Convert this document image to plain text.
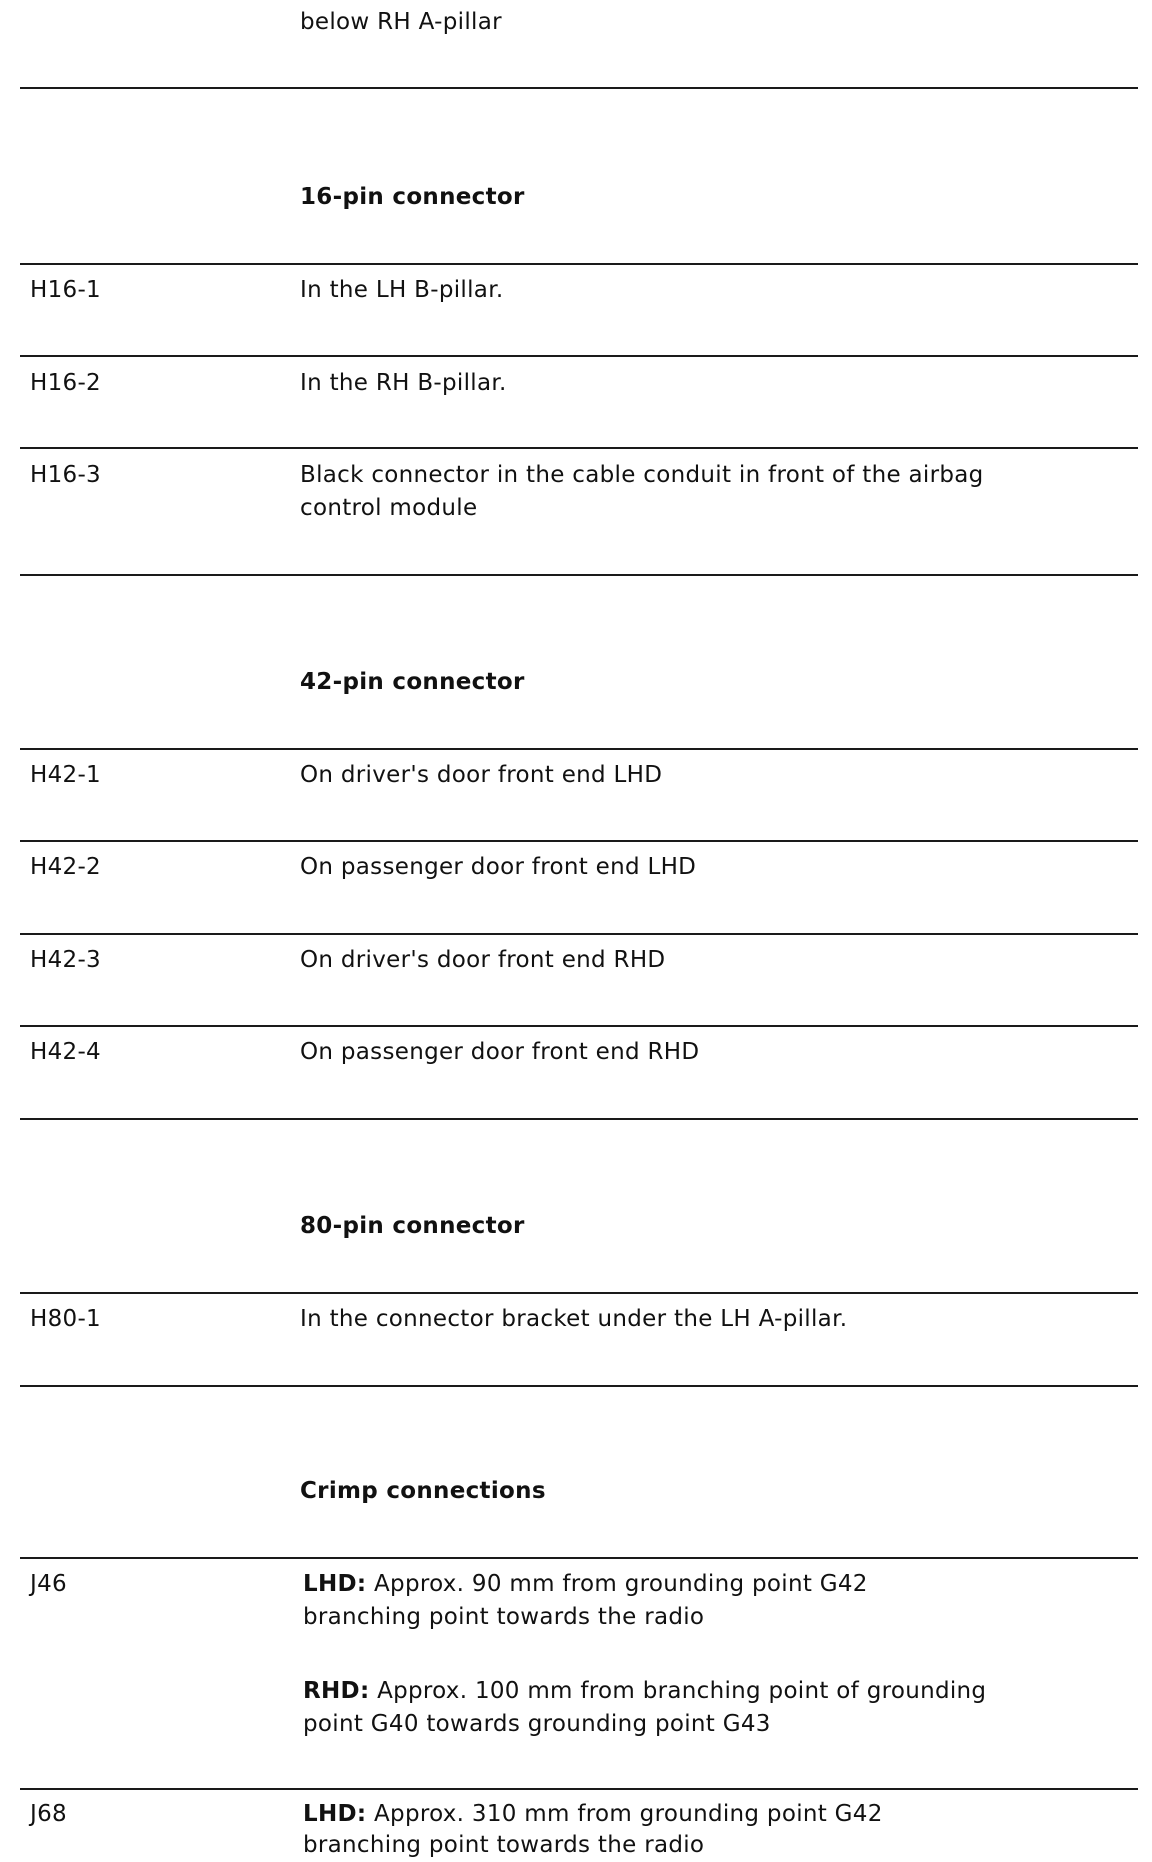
below RH A-pillar
16-pin connector
H16-1	In the LH B-pillar.
H16-2	In the RH B-pillar.
H16-3	Black connector in the cable conduit in front of the airbag
control module
42-pin connector
H42-1	On driver's door front end LHD
H42-2	On passenger door front end LHD
H42-3	On driver's door front end RHD
H42-4	On passenger door front end RHD
80-pin connector
H80-1	In the connector bracket under the LH A-pillar.
Crimp connections
J46	LHD: Approx. 90 mm from grounding point G42
branching point towards the radio
RHD: Approx. 100 mm from branching point of grounding
point G40 towards grounding point G43
J68	LHD: Approx. 310 mm from grounding point G42
branching point towards the radio
